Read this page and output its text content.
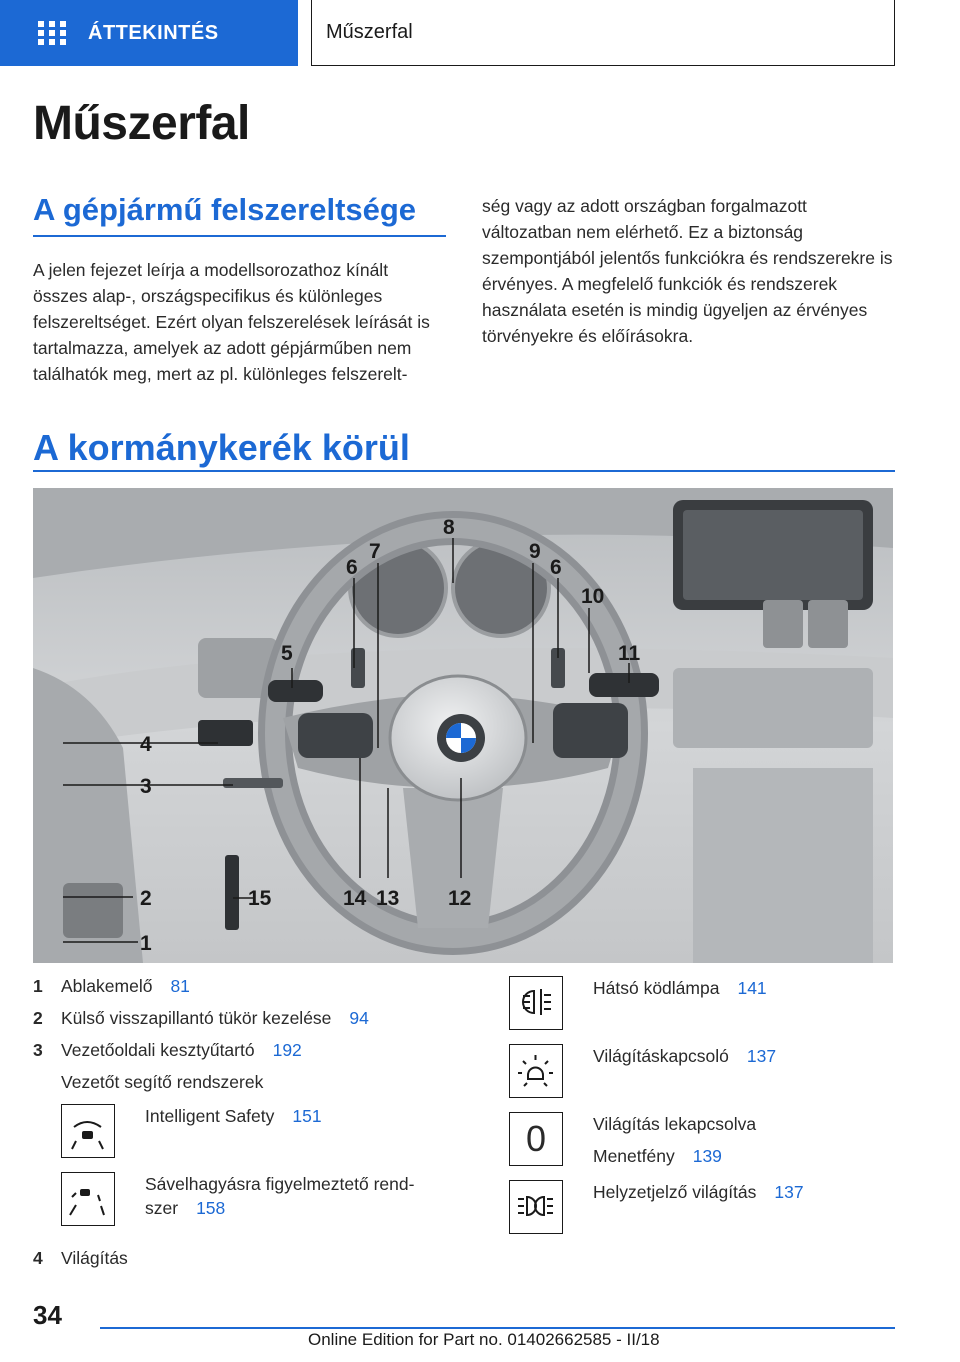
ÁTTEKINTÉS	Műszerfal
Műszerfal
A gépjármű felszereltsége
A jelen fejezet leírja a modellsorozathoz kínált összes alap-, országspecifikus és különleges felszereltséget. Ezért olyan felszerelések leírását is tartalmazza, amelyek az adott gépjárműben nem találhatók meg, mert az pl. különleges felszerelt-
ség vagy az adott országban forgalmazott változatban nem elérhető. Ez a biztonság szempontjából jelentős funkciókra és rendszerekre is érvényes. A megfelelő funkciók és rendszerek használata esetén is mindig ügyeljen az érvényes törvényekre és előírásokra.
A kormánykerék körül
1
2
3
4
5
6
7
8
9
6
10
11
12
13
14
15
1 Ablakemelő 81
2 Külső visszapillantó tükör kezelése 94
3 Vezetőoldali kesztyűtartó 192
Vezetőt segítő rendszerek
Intelligent Safety 151
Sávelhagyásra figyelmeztető rend-
szer 158
4 Világítás
Hátsó ködlámpa 141
Világításkapcsoló 137
0	Világítás lekapcsolva
Menetfény 139
Helyzetjelző világítás 137
34
Online Edition for Part no. 01402662585 - II/18
